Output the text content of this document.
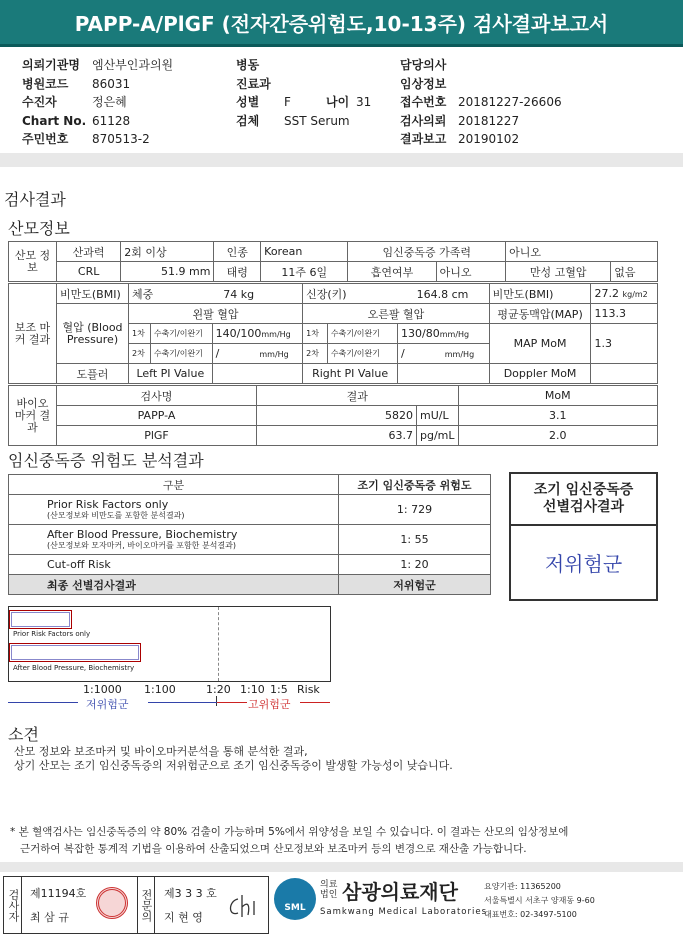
PAPP-A/PlGF (전자간증위험도,10-13주) 검사결과보고서
의뢰기관명 엠산부인과의원
병원코드 86031
수진자	정은혜
Chart No. 61128
주민번호 870513-2
병동
진료과
성별 F	나이 31
검체 SST Serum
담당의사
임상정보
접수번호 20181227-26606
검사의뢰 20181227
결과보고 20190102
검사결과
산모정보
산모 정보	산과력	2회 이상	인종	Korean	임신중독증 가족력		아니오	
	CRL	51.9 mm	태령	11주 6일	흡연여부	아니오	만성 고혈압	없음
보조 마커 결과	비만도(BMI)	체중 74 kg			신장(키) 164.8 cm			비만도(BMI)	27.2 kg/m2
	혈압 (Blood Pressure)	왼팔 혈압			오른팔 혈압			평균동맥압(MAP)	113.3
		1차	수축기/이완기	140/100mm/Hg	1차	수축기/이완기	130/80mm/Hg	MAP MoM	1.3
		2차	수축기/이완기	/ mm/Hg	2차	수축기/이완기	/ mm/Hg		
	도플러	Left PI Value			Right PI Value			Doppler MoM	
바이오 마커 결과	검사명	결과		MoM
	PAPP-A	5820	mU/L	3.1
	PlGF	63.7	pg/mL	2.0
임신중독증 위험도 분석결과
구분	조기 임신중독증 위험도

Prior Risk Factors only
(산모정보와 비만도를 포함한 분석결과)	1: 729

After Blood Pressure, Biochemistry
(산모정보와 모자마커, 바이오마커를 포함한 분석결과)	1: 55
Cut-off Risk	1: 20
최종 선별검사결과	저위험군
조기 임신중독증 선별검사결과
저위험군
Prior Risk Factors only
After Blood Pressure, Biochemistry
1:1000 1:100	1:20 1:10 1:5 Risk
저위험군	고위험군
소견
산모 정보와 보조마커 및 바이오마커분석을 통해 분석한 결과,
상기 산모는 조기 임신중독증의 저위험군으로 조기 임신중독증이 발생할 가능성이 낮습니다.
* 본 혈액검사는 임신중독증의 약 80% 검출이 가능하며 5%에서 위양성을 보일 수 있습니다. 이 결과는 산모의 임상정보에
근거하여 복잡한 통계적 기법을 이용하여 산출되었으며 산모정보와 보조마커 등의 변경으로 재산출 가능합니다.
검사자 제11194호
최 삼 규	전문의 제3 3 3 호
지 현 영
SML
의료 법인 삼광의료재단
Samkwang Medical Laboratories
요양기관: 11365200
서울특별시 서초구 양재동 9-60
대표번호: 02-3497-5100
